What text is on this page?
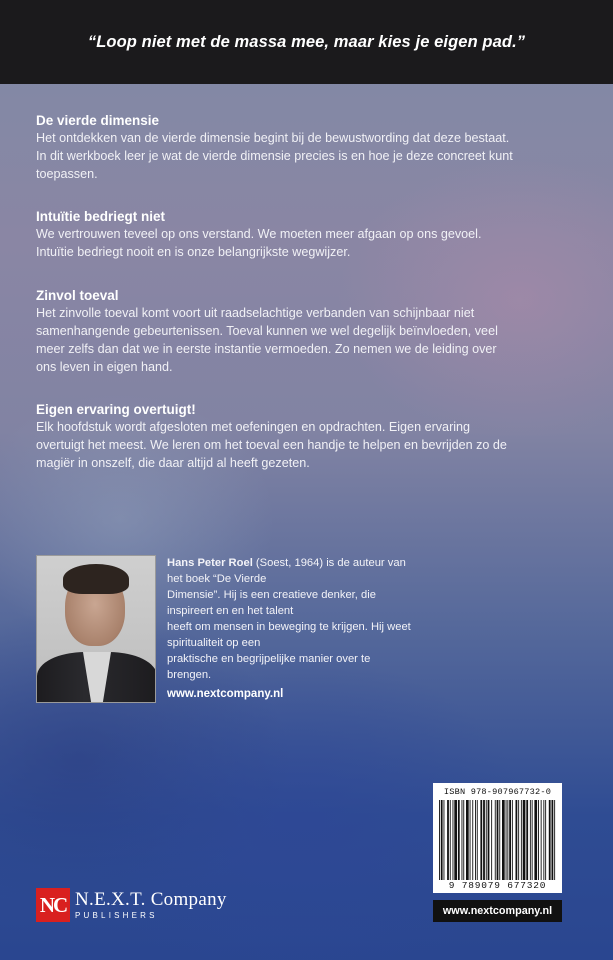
“Loop niet met de massa mee, maar kies je eigen pad.”
De vierde dimensie

Het ontdekken van de vierde dimensie begint bij de bewustwording dat deze bestaat.

In dit werkboek leer je wat de vierde dimensie precies is en hoe je deze concreet kunt

toepassen.

Intuïtie bedriegt niet

We vertrouwen teveel op ons verstand. We moeten meer afgaan op ons gevoel.

Intuïtie bedriegt nooit en is onze belangrijkste wegwijzer.

Zinvol toeval

Het zinvolle toeval komt voort uit raadselachtige verbanden van schijnbaar niet

samenhangende gebeurtenissen. Toeval kunnen we wel degelijk beïnvloeden, veel

meer zelfs dan dat we in eerste instantie vermoeden. Zo nemen we de leiding over

ons leven in eigen hand.

Eigen ervaring overtuigt!

Elk hoofdstuk wordt afgesloten met oefeningen en opdrachten. Eigen ervaring

overtuigt het meest. We leren om het toeval een handje te helpen en bevrijden zo de

magiër in onszelf, die daar altijd al heeft gezeten.

Hans Peter Roel (Soest, 1964) is de auteur van het boek “De Vierde
Dimensie”. Hij is een creatieve denker, die inspireert en en het talent
heeft om mensen in beweging te krijgen. Hij weet spiritualiteit op een
praktische en begrijpelijke manier over te brengen.
www.nextcompany.nl
ISBN 978-907967732-0
9 789079 677320
www.nextcompany.nl
NC N.E.X.T. Company
PUBLISHERS
